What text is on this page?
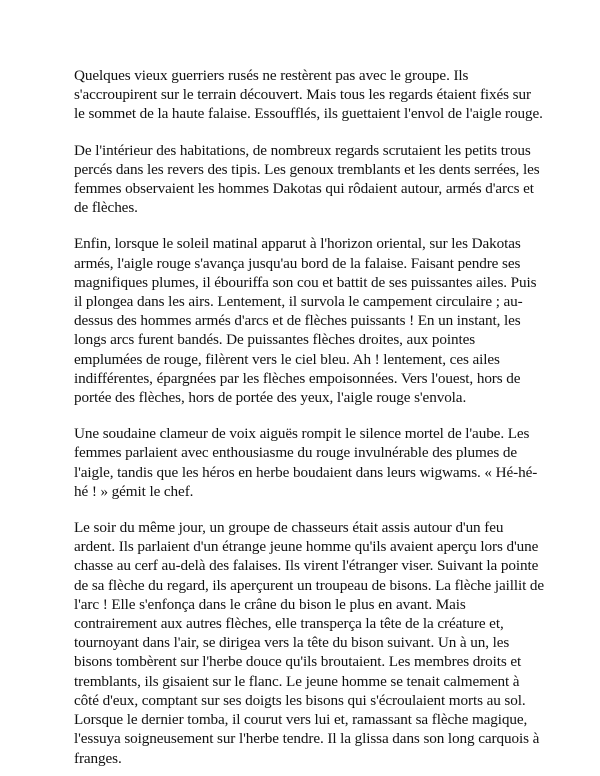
Quelques vieux guerriers rusés ne restèrent pas avec le groupe. Ils s'accroupirent sur le terrain découvert. Mais tous les regards étaient fixés sur le sommet de la haute falaise. Essoufflés, ils guettaient l'envol de l'aigle rouge.

De l'intérieur des habitations, de nombreux regards scrutaient les petits trous percés dans les revers des tipis. Les genoux tremblants et les dents serrées, les femmes observaient les hommes Dakotas qui rôdaient autour, armés d'arcs et de flèches.

Enfin, lorsque le soleil matinal apparut à l'horizon oriental, sur les Dakotas armés, l'aigle rouge s'avança jusqu'au bord de la falaise. Faisant pendre ses magnifiques plumes, il ébouriffa son cou et battit de ses puissantes ailes. Puis il plongea dans les airs. Lentement, il survola le campement circulaire ; au-dessus des hommes armés d'arcs et de flèches puissants ! En un instant, les longs arcs furent bandés. De puissantes flèches droites, aux pointes emplumées de rouge, filèrent vers le ciel bleu. Ah ! lentement, ces ailes indifférentes, épargnées par les flèches empoisonnées. Vers l'ouest, hors de portée des flèches, hors de portée des yeux, l'aigle rouge s'envola.

Une soudaine clameur de voix aiguës rompit le silence mortel de l'aube. Les femmes parlaient avec enthousiasme du rouge invulnérable des plumes de l'aigle, tandis que les héros en herbe boudaient dans leurs wigwams. « Hé-hé-hé ! » gémit le chef.

Le soir du même jour, un groupe de chasseurs était assis autour d'un feu ardent. Ils parlaient d'un étrange jeune homme qu'ils avaient aperçu lors d'une chasse au cerf au-delà des falaises. Ils virent l'étranger viser. Suivant la pointe de sa flèche du regard, ils aperçurent un troupeau de bisons. La flèche jaillit de l'arc ! Elle s'enfonça dans le crâne du bison le plus en avant. Mais contrairement aux autres flèches, elle transperça la tête de la créature et, tournoyant dans l'air, se dirigea vers la tête du bison suivant. Un à un, les bisons tombèrent sur l'herbe douce qu'ils broutaient. Les membres droits et tremblants, ils gisaient sur le flanc. Le jeune homme se tenait calmement à côté d'eux, comptant sur ses doigts les bisons qui s'écroulaient morts au sol. Lorsque le dernier tomba, il courut vers lui et, ramassant sa flèche magique, l'essuya soigneusement sur l'herbe tendre. Il la glissa dans son long carquois à franges.
